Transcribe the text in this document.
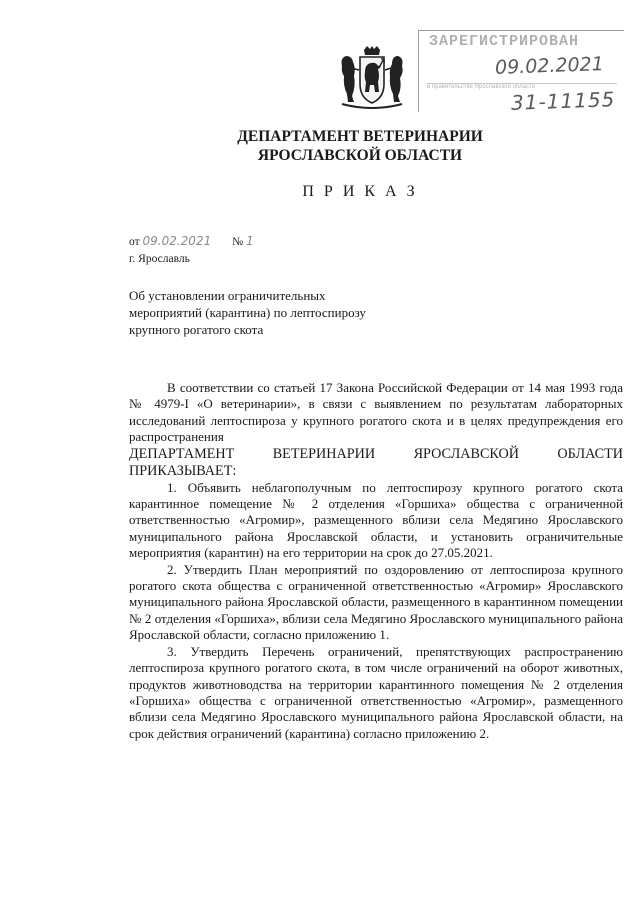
ЗАРЕГИСТРИРОВАН
09.02.2021
в правительстве Ярославской области
31-11155
ДЕПАРТАМЕНТ ВЕТЕРИНАРИИ
ЯРОСЛАВСКОЙ ОБЛАСТИ
П Р И К А З
от 09.02.2021 № 1
г. Ярославль
Об установлении ограничительных мероприятий (карантина) по лептоспирозу крупного рогатого скота

В соответствии со статьей 17 Закона Российской Федерации от 14 мая 1993 года № 4979-I «О ветеринарии», в связи с выявлением по результатам лабораторных исследований лептоспироза у крупного рогатого скота и в целях предупреждения его распространения

ДЕПАРТАМЕНТ ВЕТЕРИНАРИИ ЯРОСЛАВСКОЙ ОБЛАСТИ

ПРИКАЗЫВАЕТ:

1. Объявить неблагополучным по лептоспирозу крупного рогатого скота карантинное помещение № 2 отделения «Горшиха» общества с ограниченной ответственностью «Агромир», размещенного вблизи села Медягино Ярославского муниципального района Ярославской области, и установить ограничительные мероприятия (карантин) на его территории на срок до 27.05.2021.

2. Утвердить План мероприятий по оздоровлению от лептоспироза крупного рогатого скота общества с ограниченной ответственностью «Агромир» Ярославского муниципального района Ярославской области, размещенного в карантинном помещении № 2 отделения «Горшиха», вблизи села Медягино Ярославского муниципального района Ярославской области, согласно приложению 1.

3. Утвердить Перечень ограничений, препятствующих распространению лептоспироза крупного рогатого скота, в том числе ограничений на оборот животных, продуктов животноводства на территории карантинного помещения № 2 отделения «Горшиха» общества с ограниченной ответственностью «Агромир», размещенного вблизи села Медягино Ярославского муниципального района Ярославской области, на срок действия ограничений (карантина) согласно приложению 2.
